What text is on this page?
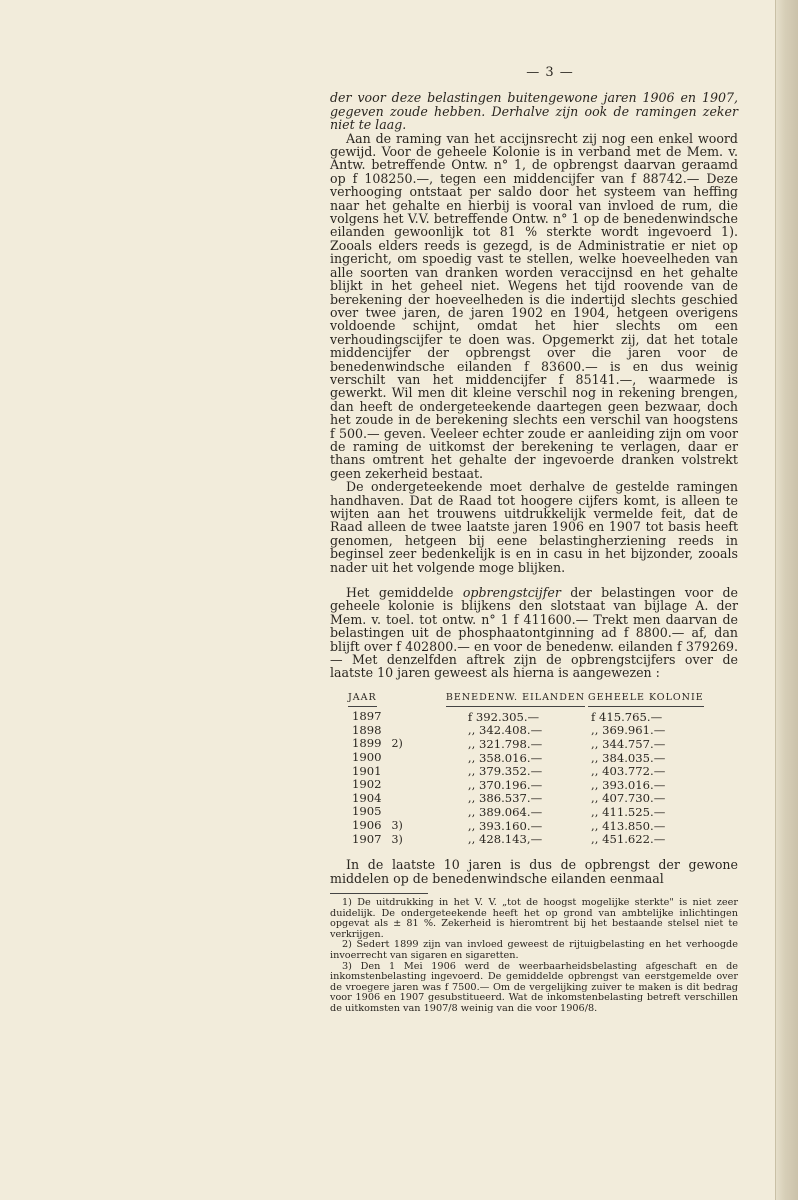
— 3 —

der voor deze belastingen buitengewone jaren 1906 en 1907, gegeven zoude hebben. Derhalve zijn ook de ramingen zeker niet te laag.

Aan de raming van het accijnsrecht zij nog een enkel woord gewijd. Voor de geheele Kolonie is in verband met de Mem. v. Antw. betreffende Ontw. n° 1, de opbrengst daarvan geraamd op f 108250.—, tegen een middencijfer van f 88742.— Deze verhooging ontstaat per saldo door het systeem van heffing naar het gehalte en hierbij is vooral van invloed de rum, die volgens het V.V. betreffende Ontw. n° 1 op de benedenwindsche eilanden gewoonlijk tot 81 % sterkte wordt ingevoerd 1). Zooals elders reeds is gezegd, is de Administratie er niet op ingericht, om spoedig vast te stellen, welke hoeveelheden van alle soorten van dranken worden veraccijnsd en het gehalte blijkt in het geheel niet. Wegens het tijd roovende van de berekening der hoeveelheden is die indertijd slechts geschied over twee jaren, de jaren 1902 en 1904, hetgeen overigens voldoende schijnt, omdat het hier slechts om een verhoudingscijfer te doen was. Opgemerkt zij, dat het totale middencijfer der opbrengst over die jaren voor de benedenwindsche eilanden f 83600.— is en dus weinig verschilt van het middencijfer f 85141.—, waarmede is gewerkt. Wil men dit kleine verschil nog in rekening brengen, dan heeft de ondergeteekende daartegen geen bezwaar, doch het zoude in de berekening slechts een verschil van hoogstens f 500.— geven. Veeleer echter zoude er aanleiding zijn om voor de raming de uitkomst der berekening te verlagen, daar er thans omtrent het gehalte der ingevoerde dranken volstrekt geen zekerheid bestaat.

De ondergeteekende moet derhalve de gestelde ramingen handhaven. Dat de Raad tot hoogere cijfers komt, is alleen te wijten aan het trouwens uitdrukkelijk vermelde feit, dat de Raad alleen de twee laatste jaren 1906 en 1907 tot basis heeft genomen, hetgeen bij eene belastingherziening reeds in beginsel zeer bedenkelijk is en in casu in het bijzonder, zooals nader uit het volgende moge blijken.

Het gemiddelde opbrengstcijfer der belastingen voor de geheele kolonie is blijkens den slotstaat van bijlage A. der Mem. v. toel. tot ontw. n° 1 f 411600.— Trekt men daarvan de belastingen uit de phosphaatontginning ad f 8800.— af, dan blijft over f 402800.— en voor de benedenw. eilanden f 379269.— Met denzelfden aftrek zijn de opbrengstcijfers over de laatste 10 jaren geweest als hierna is aangewezen :

JAAR	BENEDENW. EILANDEN	GEHEELE KOLONIE
1897	f 392.305.—	f 415.765.—
1898	,, 342.408.—	,, 369.961.—
1899 2)	,, 321.798.—	,, 344.757.—
1900	,, 358.016.—	,, 384.035.—
1901	,, 379.352.—	,, 403.772.—
1902	,, 370.196.—	,, 393.016.—
1904	,, 386.537.—	,, 407.730.—
1905	,, 389.064.—	,, 411.525.—
1906 3)	,, 393.160.—	,, 413.850.—
1907 3)	,, 428.143,—	,, 451.622.—

In de laatste 10 jaren is dus de opbrengst der gewone middelen op de benedenwindsche eilanden eenmaal

1) De uitdrukking in het V. V. „tot de hoogst mogelijke sterkte" is niet zeer duidelijk. De ondergeteekende heeft het op grond van ambtelijke inlichtingen opgevat als ± 81 %. Zekerheid is hieromtrent bij het bestaande stelsel niet te verkrijgen.

2) Sedert 1899 zijn van invloed geweest de rijtuigbelasting en het verhoogde invoerrecht van sigaren en sigaretten.

3) Den 1 Mei 1906 werd de weerbaarheidsbelasting afgeschaft en de inkomstenbelasting ingevoerd. De gemiddelde opbrengst van eerstgemelde over de vroegere jaren was f 7500.— Om de vergelijking zuiver te maken is dit bedrag voor 1906 en 1907 gesubstitueerd. Wat de inkomstenbelasting betreft verschillen de uitkomsten van 1907/8 weinig van die voor 1906/8.
